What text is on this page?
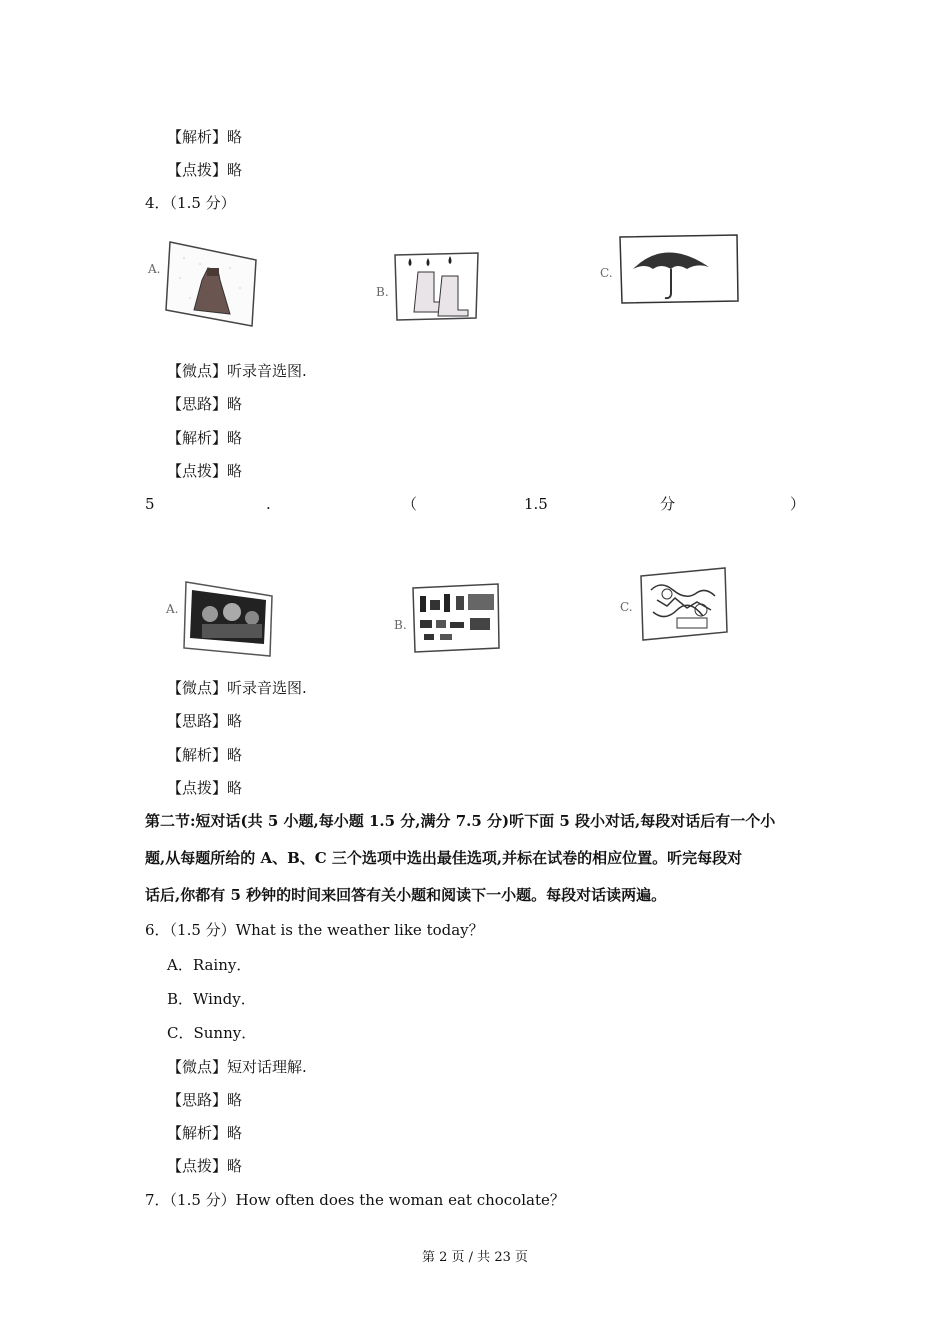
【解析】略
【点拨】略
4．（1.5 分）
A.
B.
C.
【微点】听录音选图.
【思路】略
【解析】略
【点拨】略
5	.	（	1.5	分	）
A.
B.
C.
【微点】听录音选图.
【思路】略
【解析】略
【点拨】略
第二节:短对话(共 5 小题,每小题 1.5 分,满分 7.5 分)听下面 5 段小对话,每段对话后有一个小
题,从每题所给的 A、B、C 三个选项中选出最佳选项,并标在试卷的相应位置。听完每段对
话后,你都有 5 秒钟的时间来回答有关小题和阅读下一小题。每段对话读两遍。
6．（1.5 分）What is the weather like today？
A．Rainy．
B．Windy．
C．Sunny．
【微点】短对话理解.
【思路】略
【解析】略
【点拨】略
7．（1.5 分）How often does the woman eat chocolate？
第 2 页 / 共 23 页
